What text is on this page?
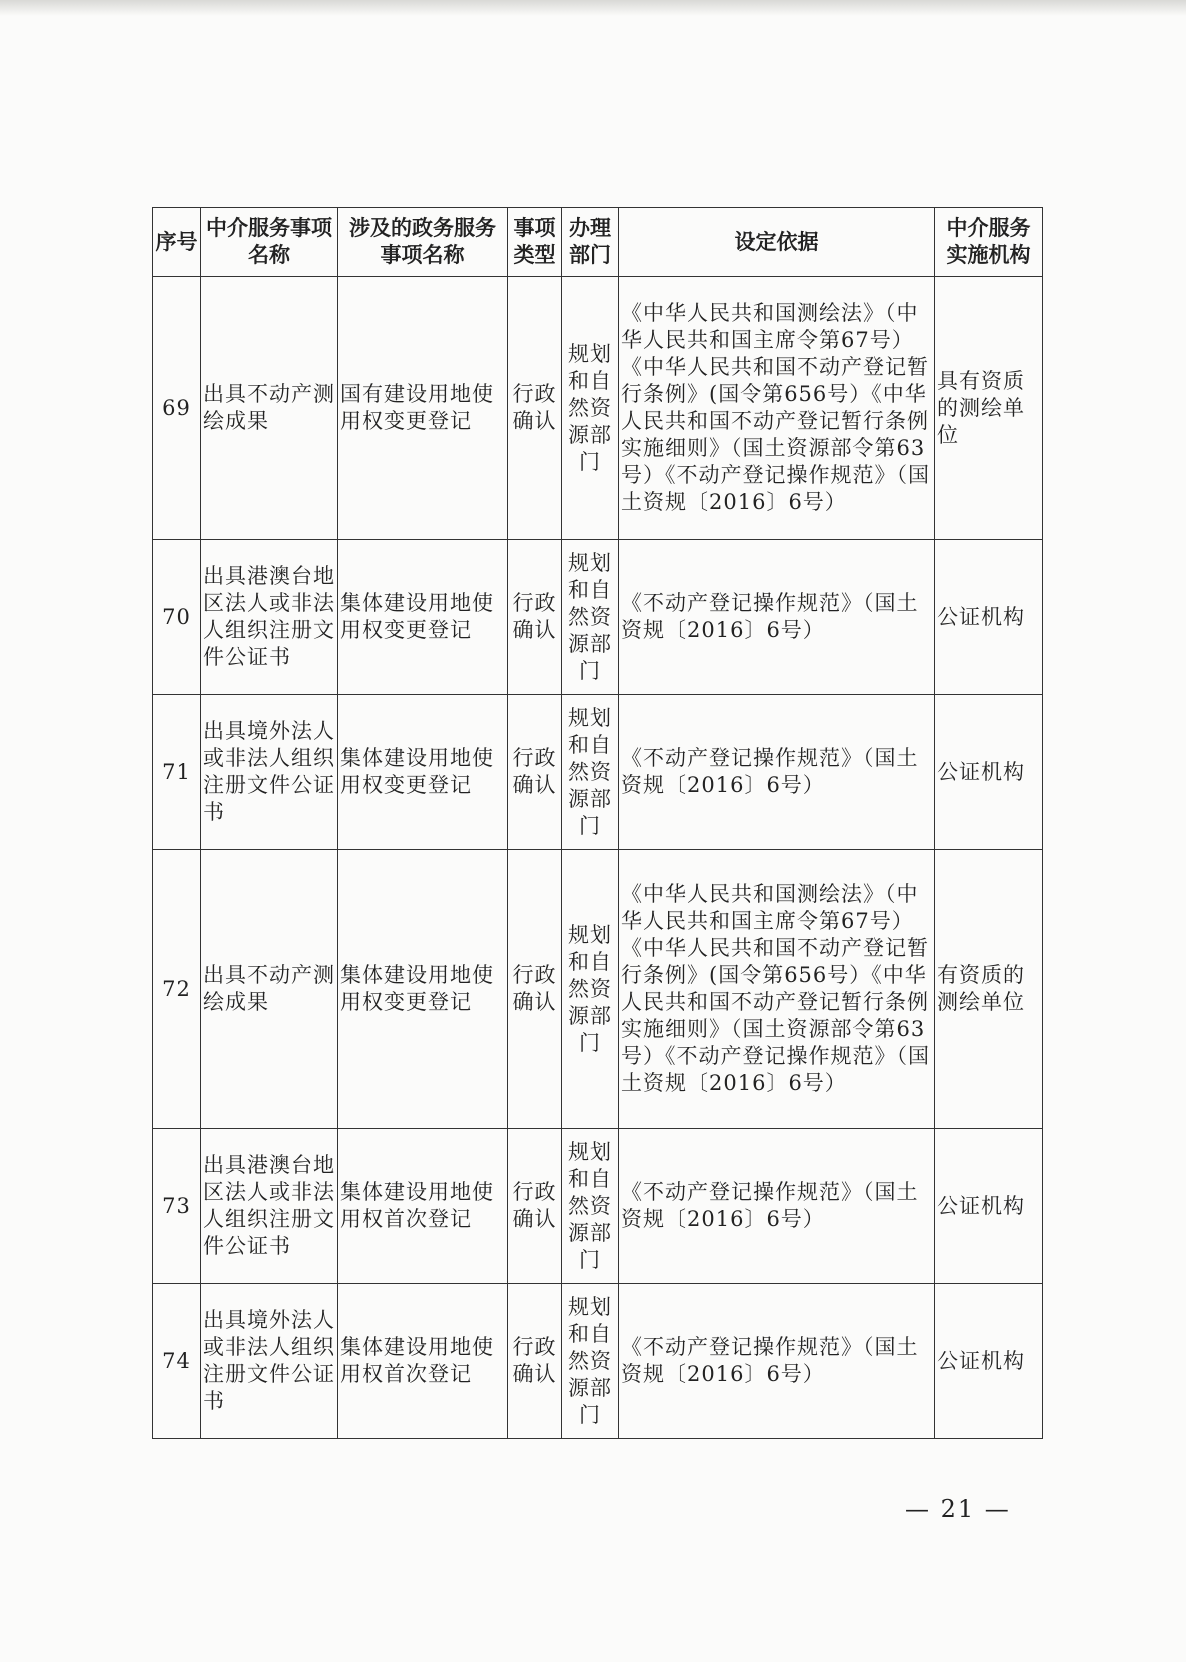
序号	中介服务事项名称	涉及的政务服务事项名称	事项类型	办理部门	设定依据	中介服务实施机构
69	出具不动产测绘成果	国有建设用地使用权变更登记	行政确认	规划和自然资源部门	《中华人民共和国测绘法》（中华人民共和国主席令第67号）《中华人民共和国不动产登记暂行条例》(国令第656号）《中华人民共和国不动产登记暂行条例实施细则》（国土资源部令第63号）《不动产登记操作规范》（国土资规〔2016〕6号）	具有资质的测绘单位
70	出具港澳台地区法人或非法人组织注册文件公证书	集体建设用地使用权变更登记	行政确认	规划和自然资源部门	《不动产登记操作规范》（国土资规〔2016〕6号）	公证机构
71	出具境外法人或非法人组织注册文件公证书	集体建设用地使用权变更登记	行政确认	规划和自然资源部门	《不动产登记操作规范》（国土资规〔2016〕6号）	公证机构
72	出具不动产测绘成果	集体建设用地使用权变更登记	行政确认	规划和自然资源部门	《中华人民共和国测绘法》（中华人民共和国主席令第67号）《中华人民共和国不动产登记暂行条例》(国令第656号）《中华人民共和国不动产登记暂行条例实施细则》（国土资源部令第63号）《不动产登记操作规范》（国土资规〔2016〕6号）	有资质的测绘单位
73	出具港澳台地区法人或非法人组织注册文件公证书	集体建设用地使用权首次登记	行政确认	规划和自然资源部门	《不动产登记操作规范》（国土资规〔2016〕6号）	公证机构
74	出具境外法人或非法人组织注册文件公证书	集体建设用地使用权首次登记	行政确认	规划和自然资源部门	《不动产登记操作规范》（国土资规〔2016〕6号）	公证机构
— 21 —
